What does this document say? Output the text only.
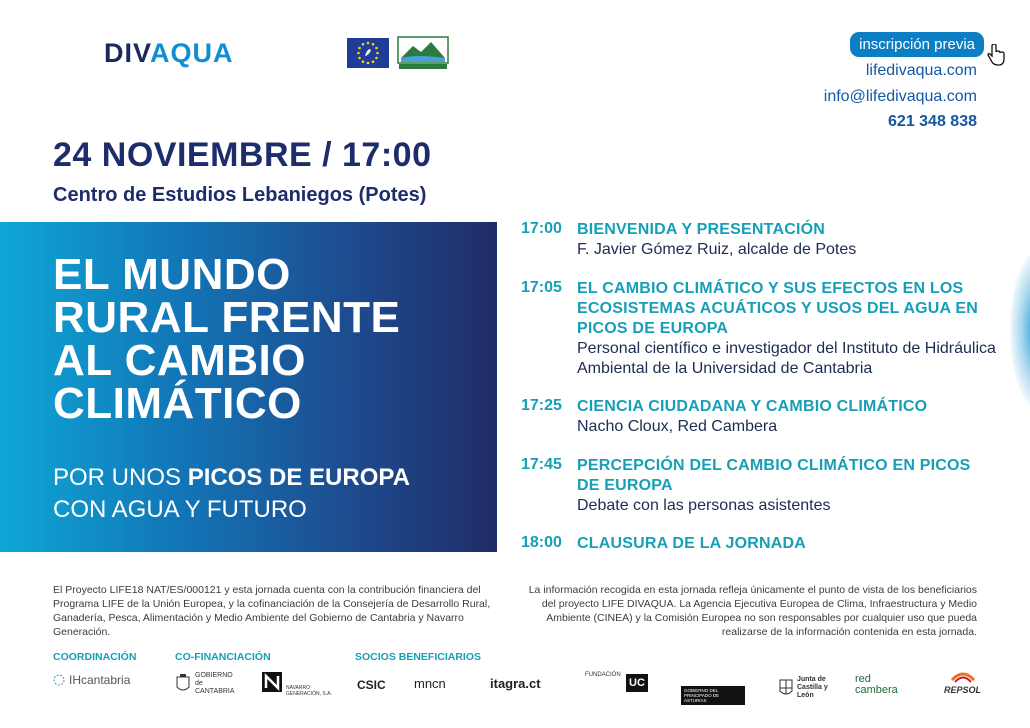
DIVAQUA	inscripción previa
lifedivaqua.com
info@lifedivaqua.com
621 348 838
24 NOVIEMBRE / 17:00
Centro de Estudios Lebaniegos (Potes)
EL MUNDO
RURAL FRENTE
AL CAMBIO
CLIMÁTICO
POR UNOS PICOS DE EUROPA
CON AGUA Y FUTURO
17:00 BIENVENIDA Y PRESENTACIÓN
F. Javier Gómez Ruiz, alcalde de Potes
17:05 EL CAMBIO CLIMÁTICO Y SUS EFECTOS EN LOS ECOSISTEMAS ACUÁTICOS Y USOS DEL AGUA EN PICOS DE EUROPA
Personal científico e investigador del Instituto de Hidráulica Ambiental de la Universidad de Cantabria
17:25 CIENCIA CIUDADANA Y CAMBIO CLIMÁTICO
Nacho Cloux, Red Cambera
17:45 PERCEPCIÓN DEL CAMBIO CLIMÁTICO EN PICOS DE EUROPA
Debate con las personas asistentes
18:00 CLAUSURA DE LA JORNADA
El Proyecto LIFE18 NAT/ES/000121 y esta jornada cuenta con la contribución financiera del Programa LIFE de la Unión Europea, y la cofinanciación de la Consejería de Desarrollo Rural, Ganadería, Pesca, Alimentación y Medio Ambiente del Gobierno de Cantabria y Navarro Generación.
La información recogida en esta jornada refleja únicamente el punto de vista de los beneficiarios del proyecto LIFE DIVAQUA. La Agencia Ejecutiva Europea de Clima, Infraestructura y Medio Ambiente (CINEA) y la Comisión Europea no son responsables por cualquier uso que pueda realizarse de la información contenida en esta jornada.
COORDINACIÓN	CO-FINANCIACIÓN	SOCIOS BENEFICIARIOS
IHcantabria	GOBIERNO de CANTABRIA	NAVARRO GENERACIÓN, S.A.
CSIC mncn	itagra.ct
FUNDACIÓN
UC
GOBIERNO DEL PRINCIPADO DE ASTURIAS
Junta de Castilla y León
red cambera	REPSOL
